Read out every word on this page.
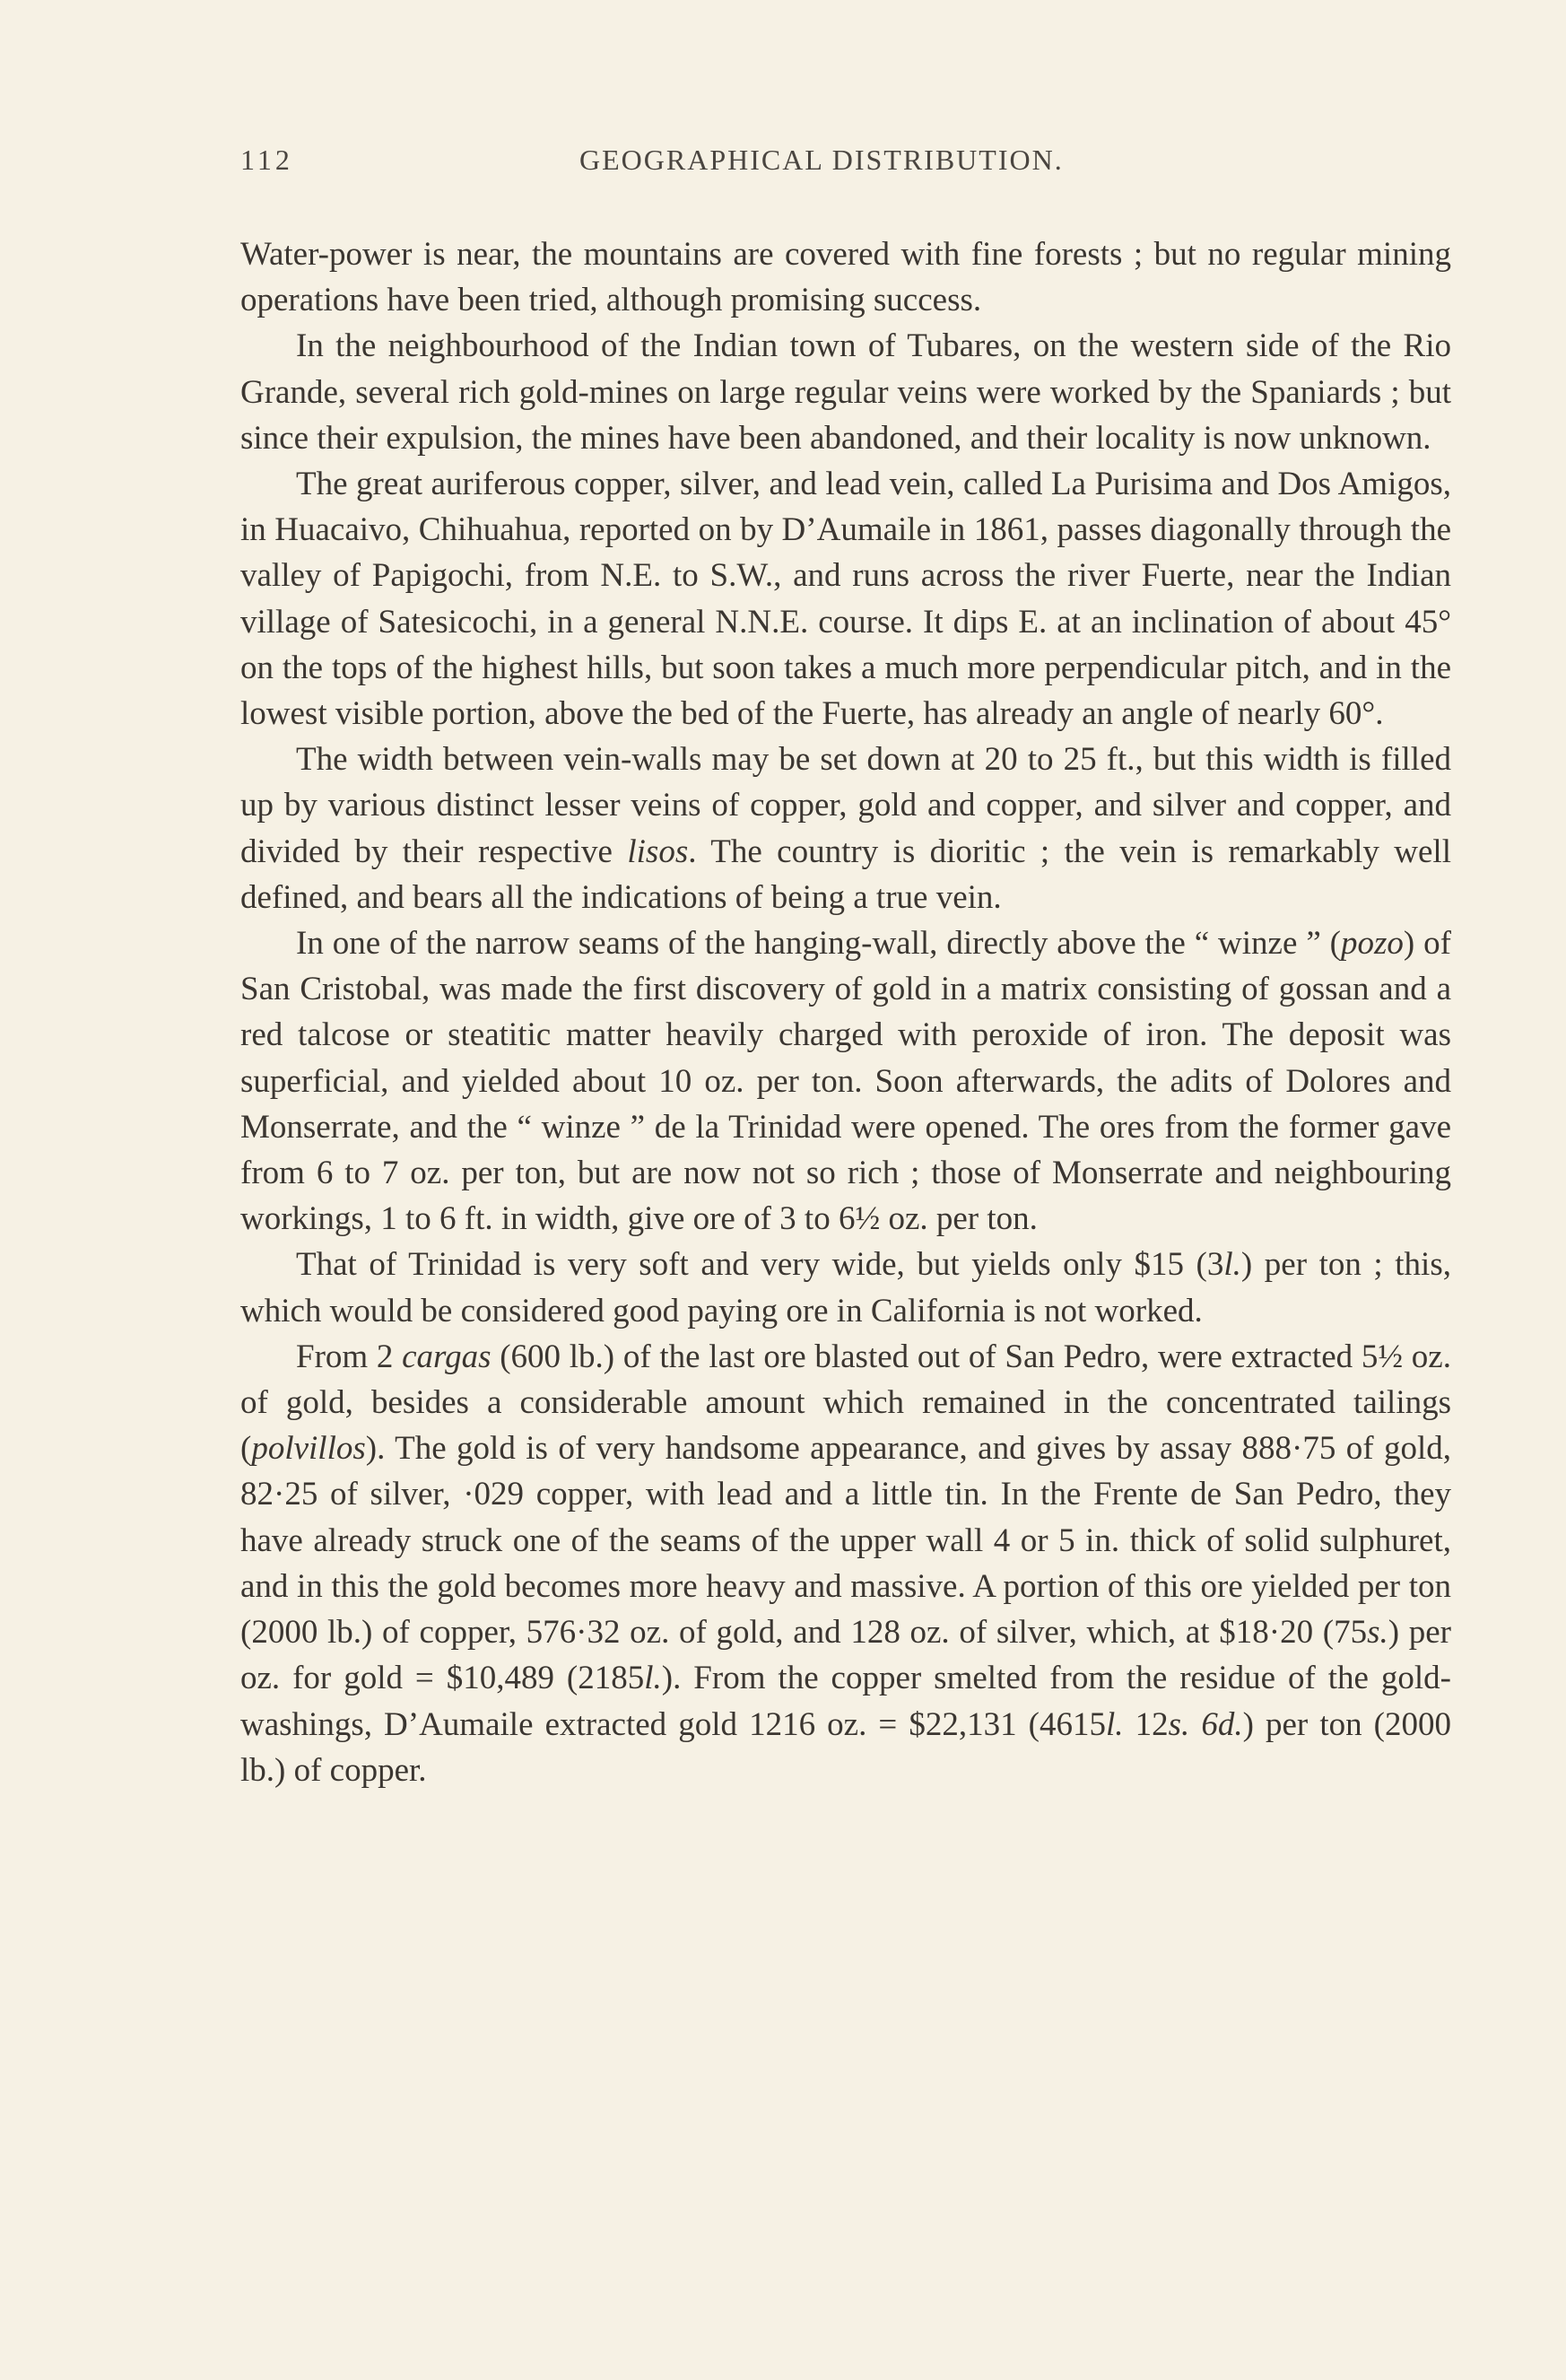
112	GEOGRAPHICAL DISTRIBUTION.

Water-power is near, the mountains are covered with fine forests ; but no regular mining operations have been tried, although promising success.

In the neighbourhood of the Indian town of Tubares, on the western side of the Rio Grande, several rich gold-mines on large regular veins were worked by the Spaniards ; but since their expulsion, the mines have been abandoned, and their locality is now unknown.

The great auriferous copper, silver, and lead vein, called La Purisima and Dos Amigos, in Huacaivo, Chihuahua, reported on by D’Aumaile in 1861, passes diagonally through the valley of Papigochi, from N.E. to S.W., and runs across the river Fuerte, near the Indian village of Satesicochi, in a general N.N.E. course. It dips E. at an inclination of about 45° on the tops of the highest hills, but soon takes a much more perpendicular pitch, and in the lowest visible portion, above the bed of the Fuerte, has already an angle of nearly 60°.

The width between vein-walls may be set down at 20 to 25 ft., but this width is filled up by various distinct lesser veins of copper, gold and copper, and silver and copper, and divided by their respective lisos. The country is dioritic ; the vein is remarkably well defined, and bears all the indications of being a true vein.

In one of the narrow seams of the hanging-wall, directly above the “ winze ” (pozo) of San Cristobal, was made the first discovery of gold in a matrix consisting of gossan and a red talcose or steatitic matter heavily charged with peroxide of iron. The deposit was superficial, and yielded about 10 oz. per ton. Soon afterwards, the adits of Dolores and Monserrate, and the “ winze ” de la Trinidad were opened. The ores from the former gave from 6 to 7 oz. per ton, but are now not so rich ; those of Monserrate and neighbouring workings, 1 to 6 ft. in width, give ore of 3 to 6½ oz. per ton.

That of Trinidad is very soft and very wide, but yields only $15 (3l.) per ton ; this, which would be considered good paying ore in California is not worked.

From 2 cargas (600 lb.) of the last ore blasted out of San Pedro, were extracted 5½ oz. of gold, besides a considerable amount which remained in the concentrated tailings (polvillos). The gold is of very handsome appearance, and gives by assay 888·75 of gold, 82·25 of silver, ·029 copper, with lead and a little tin. In the Frente de San Pedro, they have already struck one of the seams of the upper wall 4 or 5 in. thick of solid sulphuret, and in this the gold becomes more heavy and massive. A portion of this ore yielded per ton (2000 lb.) of copper, 576·32 oz. of gold, and 128 oz. of silver, which, at $18·20 (75s.) per oz. for gold = $10,489 (2185l.). From the copper smelted from the residue of the gold-washings, D’Aumaile extracted gold 1216 oz. = $22,131 (4615l. 12s. 6d.) per ton (2000 lb.) of copper.
